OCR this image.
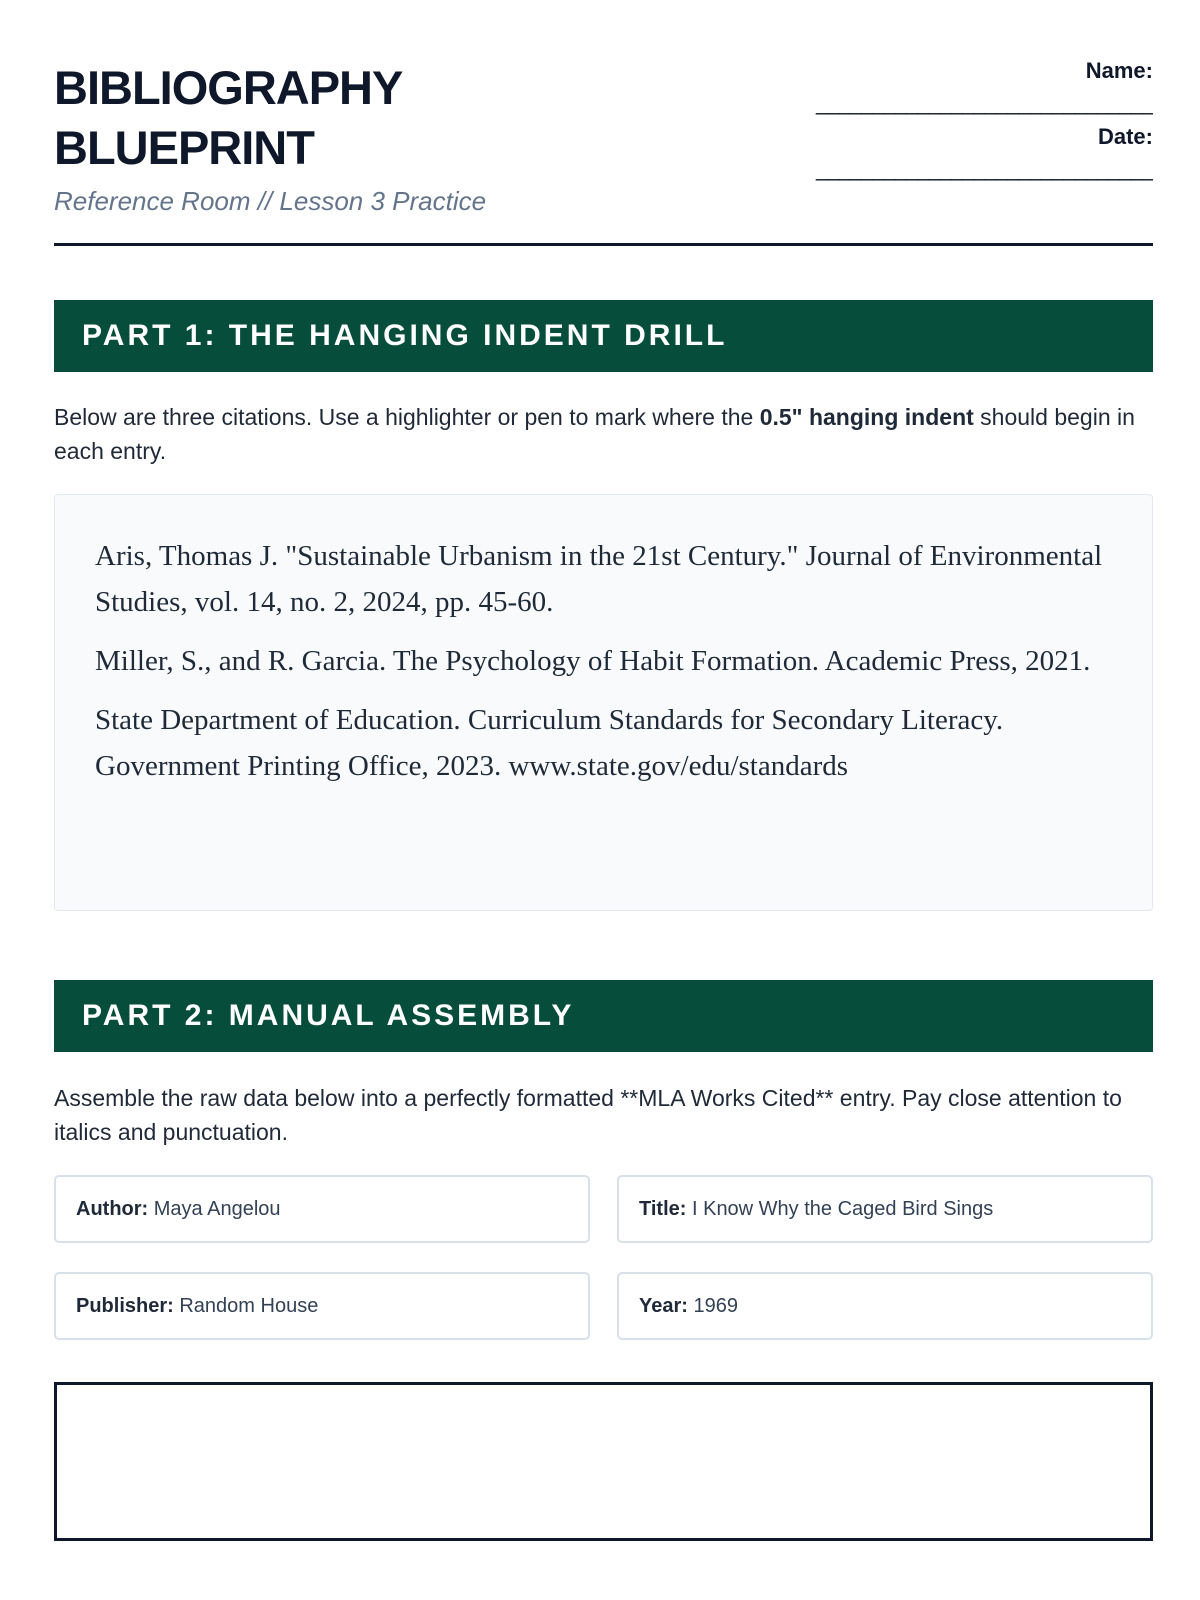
BIBLIOGRAPHY
BLUEPRINT
Reference Room // Lesson 3 Practice
Name:
______________________________
Date:
______________________________
PART 1: THE HANGING INDENT DRILL
Below are three citations. Use a highlighter or pen to mark where the 0.5" hanging indent should begin in each entry.

Aris, Thomas J. "Sustainable Urbanism in the 21st Century." Journal of Environmental Studies, vol. 14, no. 2, 2024, pp. 45-60.

Miller, S., and R. Garcia. The Psychology of Habit Formation. Academic Press, 2021.

State Department of Education. Curriculum Standards for Secondary Literacy. Government Printing Office, 2023. www.state.gov/edu/standards

PART 2: MANUAL ASSEMBLY
Assemble the raw data below into a perfectly formatted **MLA Works Cited** entry. Pay close attention to italics and punctuation.
Author: Maya Angelou	Title: I Know Why the Caged Bird Sings
Publisher: Random House	Year: 1969
